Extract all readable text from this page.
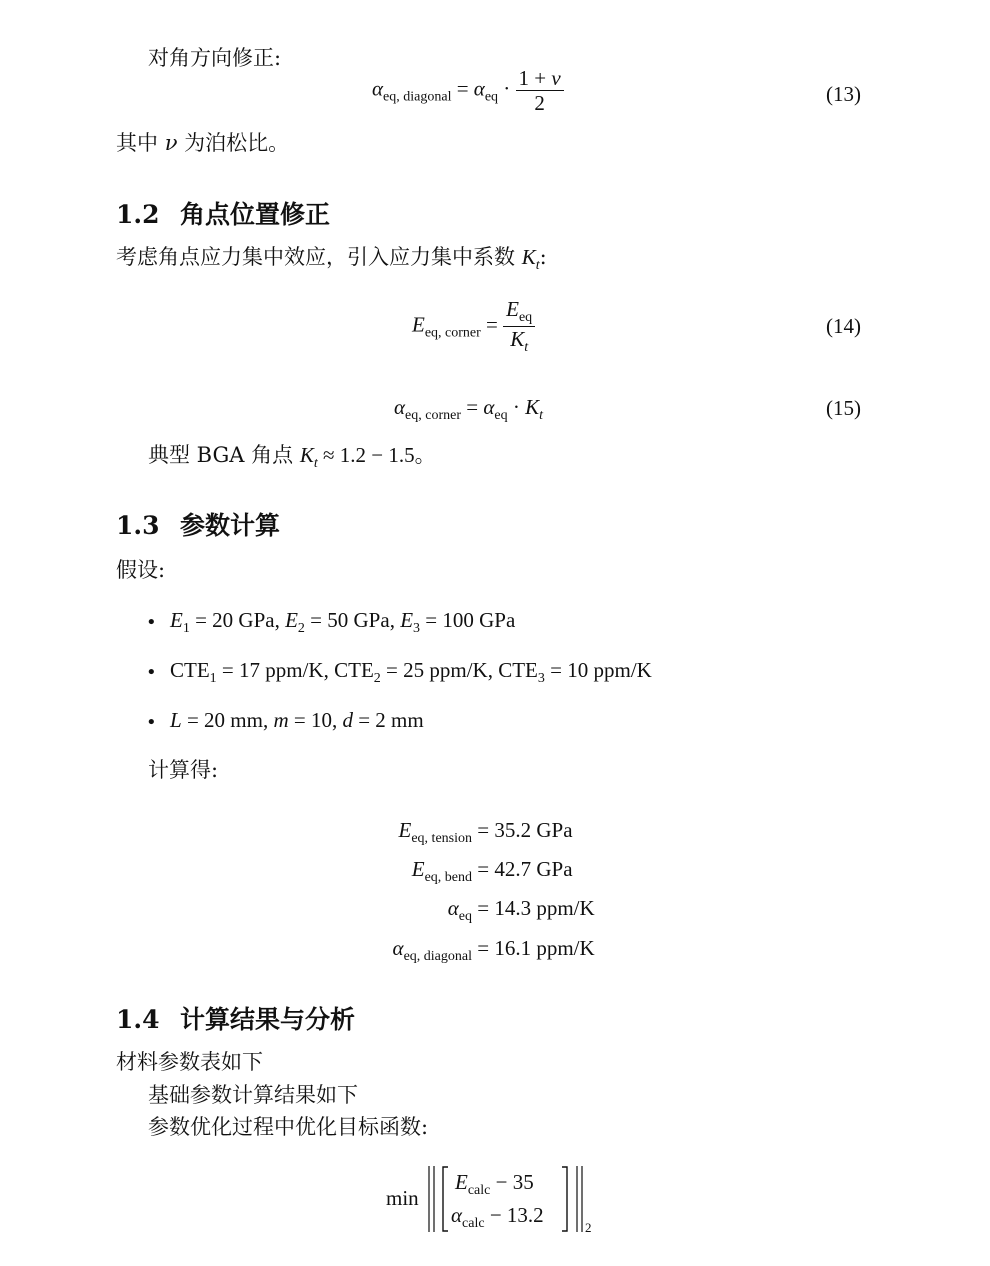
对角方向修正:
$\alpha_{eq, diagonal} = \alpha_{eq} \cdot \frac{1 + \nu}{2}$	(13)
其中 ν 为泊松比。
1.2 角点位置修正
考虑角点应力集中效应，引入应力集中系数 $K_t$:
$E_{eq, corner} = \frac{E_{eq}}{K_t}$	(14)
$\alpha_{eq, corner} = \alpha_{eq} \cdot K_t$	(15)
典型 BGA 角点 $K_t \approx 1.2 - 1.5$。
1.3 参数计算
假设:
• $E_1 = 20$ GPa, $E_2 = 50$ GPa, $E_3 = 100$ GPa
• $CTE_1 = 17$ ppm/K, $CTE_2 = 25$ ppm/K, $CTE_3 = 10$ ppm/K
• L = 20 mm, m = 10, d = 2 mm
计算得:
$E_{eq, tension} = 35.2$ GPa
$E_{eq, bend} = 42.7$ GPa
$\alpha_{eq} = 14.3$ ppm/K
$\alpha_{eq, diagonal} = 16.1$ ppm/K
1.4 计算结果与分析
材料参数表如下
基础参数计算结果如下
参数优化过程中优化目标函数:
min
$E_{calc} - 35$
$\alpha_{calc} - 13.2$
2
